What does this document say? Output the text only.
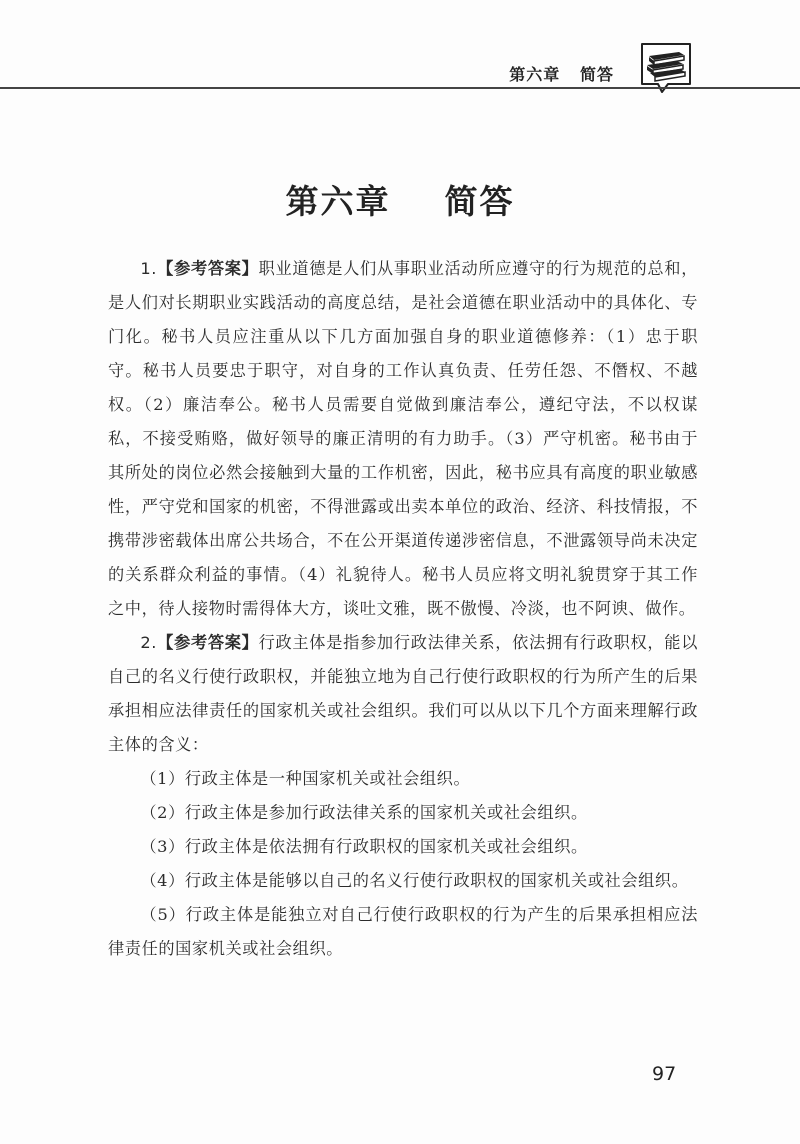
第六章   简答
第六章    简答

1.【参考答案】职业道德是人们从事职业活动所应遵守的行为规范的总和，是人们对长期职业实践活动的高度总结，是社会道德在职业活动中的具体化、专门化。秘书人员应注重从以下几方面加强自身的职业道德修养：（1）忠于职守。秘书人员要忠于职守，对自身的工作认真负责、任劳任怨、不僭权、不越权。（2）廉洁奉公。秘书人员需要自觉做到廉洁奉公，遵纪守法，不以权谋私，不接受贿赂，做好领导的廉正清明的有力助手。（3）严守机密。秘书由于其所处的岗位必然会接触到大量的工作机密，因此，秘书应具有高度的职业敏感性，严守党和国家的机密，不得泄露或出卖本单位的政治、经济、科技情报，不携带涉密载体出席公共场合，不在公开渠道传递涉密信息，不泄露领导尚未决定的关系群众利益的事情。（4）礼貌待人。秘书人员应将文明礼貌贯穿于其工作之中，待人接物时需得体大方，谈吐文雅，既不傲慢、冷淡，也不阿谀、做作。

2.【参考答案】行政主体是指参加行政法律关系，依法拥有行政职权，能以自己的名义行使行政职权，并能独立地为自己行使行政职权的行为所产生的后果承担相应法律责任的国家机关或社会组织。我们可以从以下几个方面来理解行政主体的含义：

（1）行政主体是一种国家机关或社会组织。

（2）行政主体是参加行政法律关系的国家机关或社会组织。

（3）行政主体是依法拥有行政职权的国家机关或社会组织。

（4）行政主体是能够以自己的名义行使行政职权的国家机关或社会组织。

（5）行政主体是能独立对自己行使行政职权的行为产生的后果承担相应法律责任的国家机关或社会组织。

97
